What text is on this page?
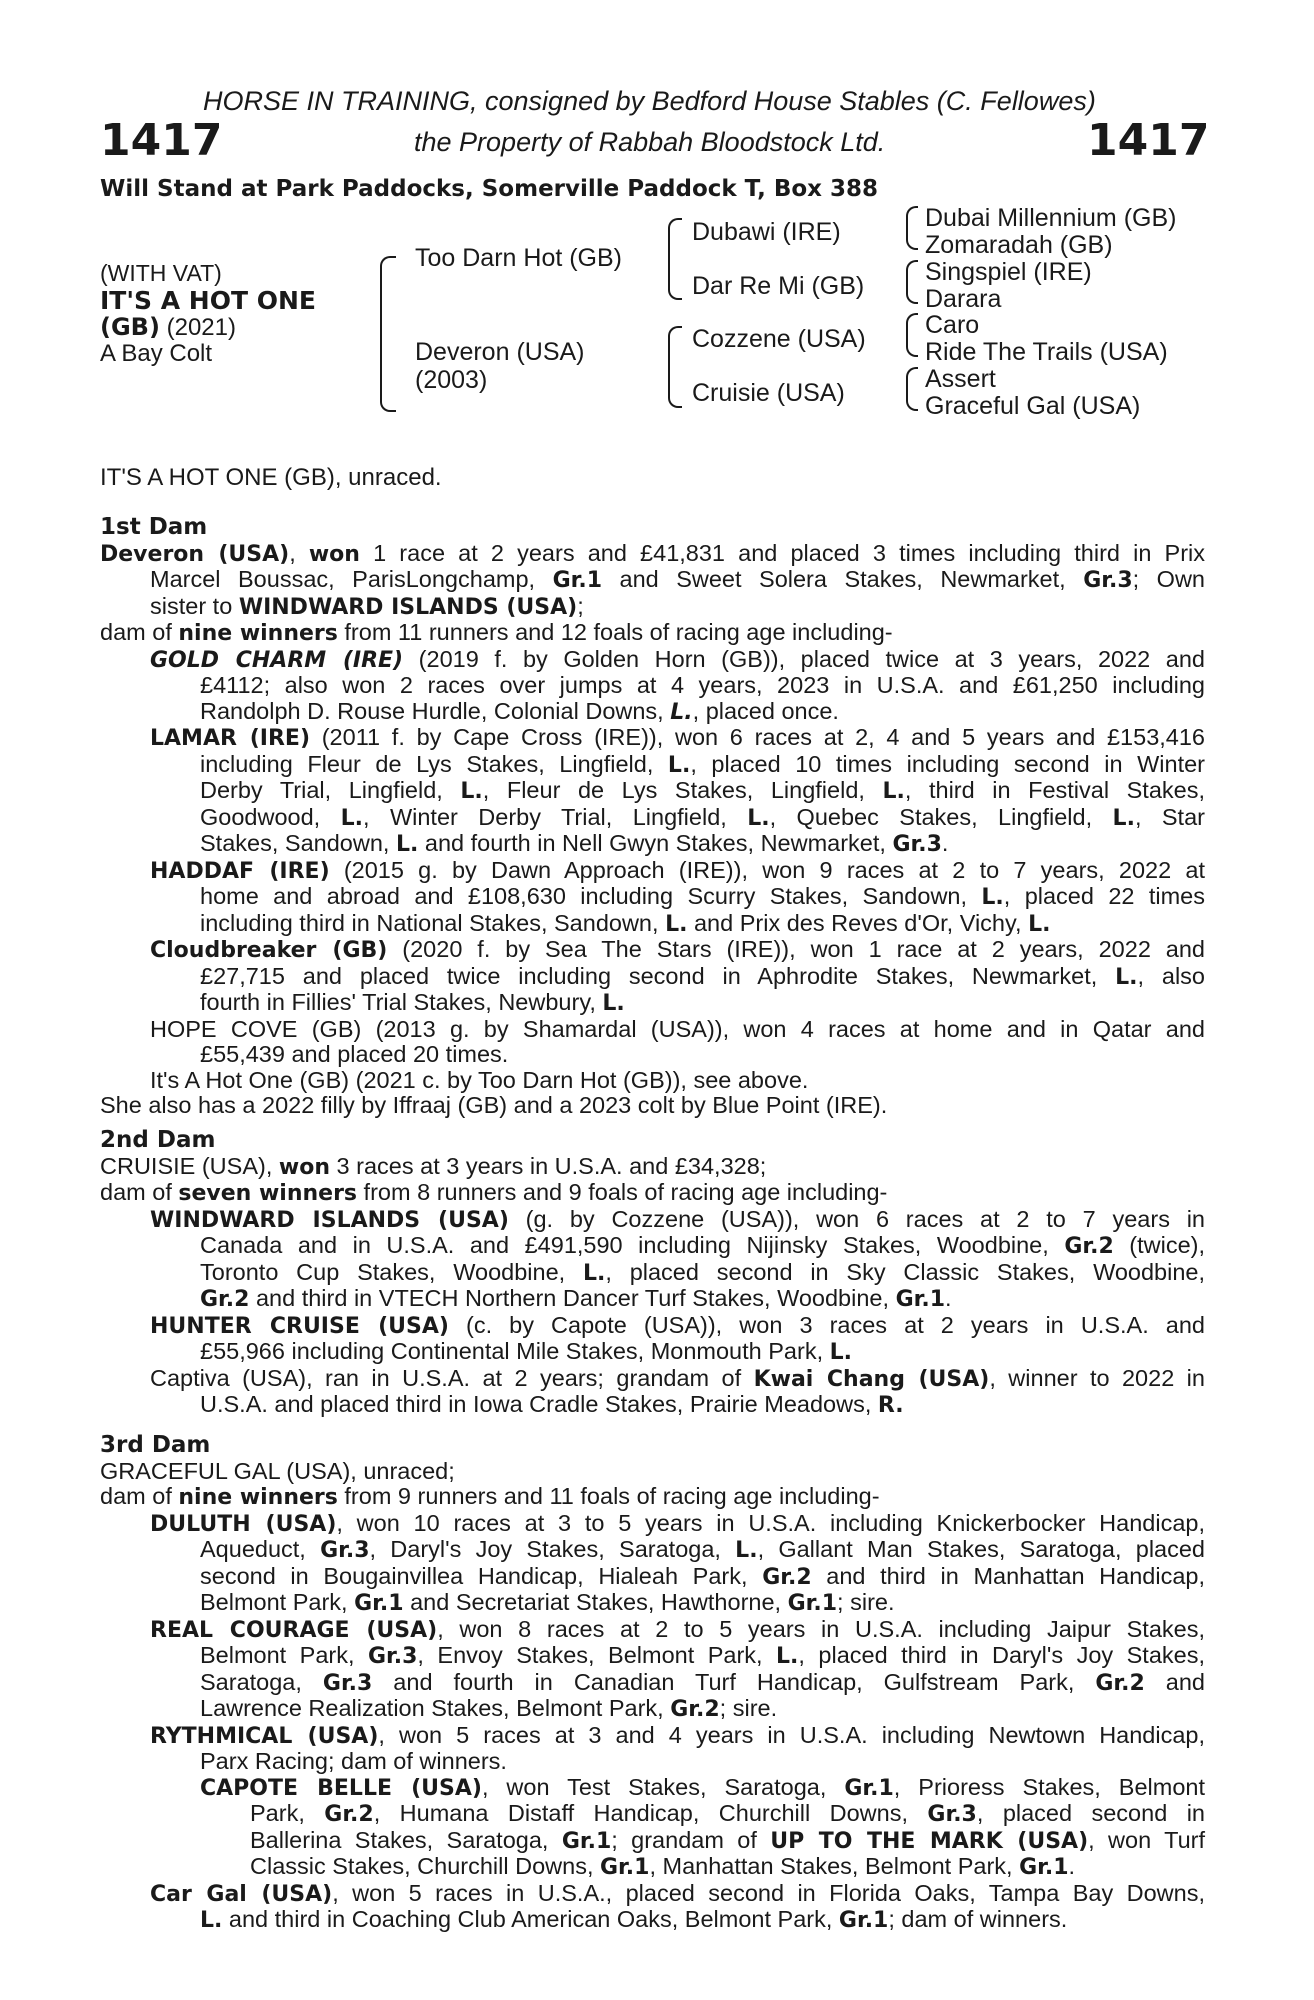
HORSE IN TRAINING, consigned by Bedford House Stables (C. Fellowes)
1417	the Property of Rabbah Bloodstock Ltd.	1417
Will Stand at Park Paddocks, Somerville Paddock T, Box 388
(WITH VAT)
IT'S A HOT ONE
(GB) (2021)
A Bay Colt
Too Darn Hot (GB)
Deveron (USA)
(2003)
Dubawi (IRE)
Dar Re Mi (GB)
Cozzene (USA)
Cruisie (USA)
Dubai Millennium (GB)
Zomaradah (GB)
Singspiel (IRE)
Darara
Caro
Ride The Trails (USA)
Assert
Graceful Gal (USA)
IT'S A HOT ONE (GB), unraced.
1st Dam
Deveron (USA), won 1 race at 2 years and £41,831 and placed 3 times including third in Prix
Marcel Boussac, ParisLongchamp, Gr.1 and Sweet Solera Stakes, Newmarket, Gr.3; Own
sister to WINDWARD ISLANDS (USA);
dam of nine winners from 11 runners and 12 foals of racing age including-
GOLD CHARM (IRE) (2019 f. by Golden Horn (GB)), placed twice at 3 years, 2022 and
£4112; also won 2 races over jumps at 4 years, 2023 in U.S.A. and £61,250 including
Randolph D. Rouse Hurdle, Colonial Downs, L., placed once.
LAMAR (IRE) (2011 f. by Cape Cross (IRE)), won 6 races at 2, 4 and 5 years and £153,416
including Fleur de Lys Stakes, Lingfield, L., placed 10 times including second in Winter
Derby Trial, Lingfield, L., Fleur de Lys Stakes, Lingfield, L., third in Festival Stakes,
Goodwood, L., Winter Derby Trial, Lingfield, L., Quebec Stakes, Lingfield, L., Star
Stakes, Sandown, L. and fourth in Nell Gwyn Stakes, Newmarket, Gr.3.
HADDAF (IRE) (2015 g. by Dawn Approach (IRE)), won 9 races at 2 to 7 years, 2022 at
home and abroad and £108,630 including Scurry Stakes, Sandown, L., placed 22 times
including third in National Stakes, Sandown, L. and Prix des Reves d'Or, Vichy, L.
Cloudbreaker (GB) (2020 f. by Sea The Stars (IRE)), won 1 race at 2 years, 2022 and
£27,715 and placed twice including second in Aphrodite Stakes, Newmarket, L., also
fourth in Fillies' Trial Stakes, Newbury, L.
HOPE COVE (GB) (2013 g. by Shamardal (USA)), won 4 races at home and in Qatar and
£55,439 and placed 20 times.
It's A Hot One (GB) (2021 c. by Too Darn Hot (GB)), see above.
She also has a 2022 filly by Iffraaj (GB) and a 2023 colt by Blue Point (IRE).
2nd Dam
CRUISIE (USA), won 3 races at 3 years in U.S.A. and £34,328;
dam of seven winners from 8 runners and 9 foals of racing age including-
WINDWARD ISLANDS (USA) (g. by Cozzene (USA)), won 6 races at 2 to 7 years in
Canada and in U.S.A. and £491,590 including Nijinsky Stakes, Woodbine, Gr.2 (twice),
Toronto Cup Stakes, Woodbine, L., placed second in Sky Classic Stakes, Woodbine,
Gr.2 and third in VTECH Northern Dancer Turf Stakes, Woodbine, Gr.1.
HUNTER CRUISE (USA) (c. by Capote (USA)), won 3 races at 2 years in U.S.A. and
£55,966 including Continental Mile Stakes, Monmouth Park, L.
Captiva (USA), ran in U.S.A. at 2 years; grandam of Kwai Chang (USA), winner to 2022 in
U.S.A. and placed third in Iowa Cradle Stakes, Prairie Meadows, R.
3rd Dam
GRACEFUL GAL (USA), unraced;
dam of nine winners from 9 runners and 11 foals of racing age including-
DULUTH (USA), won 10 races at 3 to 5 years in U.S.A. including Knickerbocker Handicap,
Aqueduct, Gr.3, Daryl's Joy Stakes, Saratoga, L., Gallant Man Stakes, Saratoga, placed
second in Bougainvillea Handicap, Hialeah Park, Gr.2 and third in Manhattan Handicap,
Belmont Park, Gr.1 and Secretariat Stakes, Hawthorne, Gr.1; sire.
REAL COURAGE (USA), won 8 races at 2 to 5 years in U.S.A. including Jaipur Stakes,
Belmont Park, Gr.3, Envoy Stakes, Belmont Park, L., placed third in Daryl's Joy Stakes,
Saratoga, Gr.3 and fourth in Canadian Turf Handicap, Gulfstream Park, Gr.2 and
Lawrence Realization Stakes, Belmont Park, Gr.2; sire.
RYTHMICAL (USA), won 5 races at 3 and 4 years in U.S.A. including Newtown Handicap,
Parx Racing; dam of winners.
CAPOTE BELLE (USA), won Test Stakes, Saratoga, Gr.1, Prioress Stakes, Belmont
Park, Gr.2, Humana Distaff Handicap, Churchill Downs, Gr.3, placed second in
Ballerina Stakes, Saratoga, Gr.1; grandam of UP TO THE MARK (USA), won Turf
Classic Stakes, Churchill Downs, Gr.1, Manhattan Stakes, Belmont Park, Gr.1.
Car Gal (USA), won 5 races in U.S.A., placed second in Florida Oaks, Tampa Bay Downs,
L. and third in Coaching Club American Oaks, Belmont Park, Gr.1; dam of winners.
